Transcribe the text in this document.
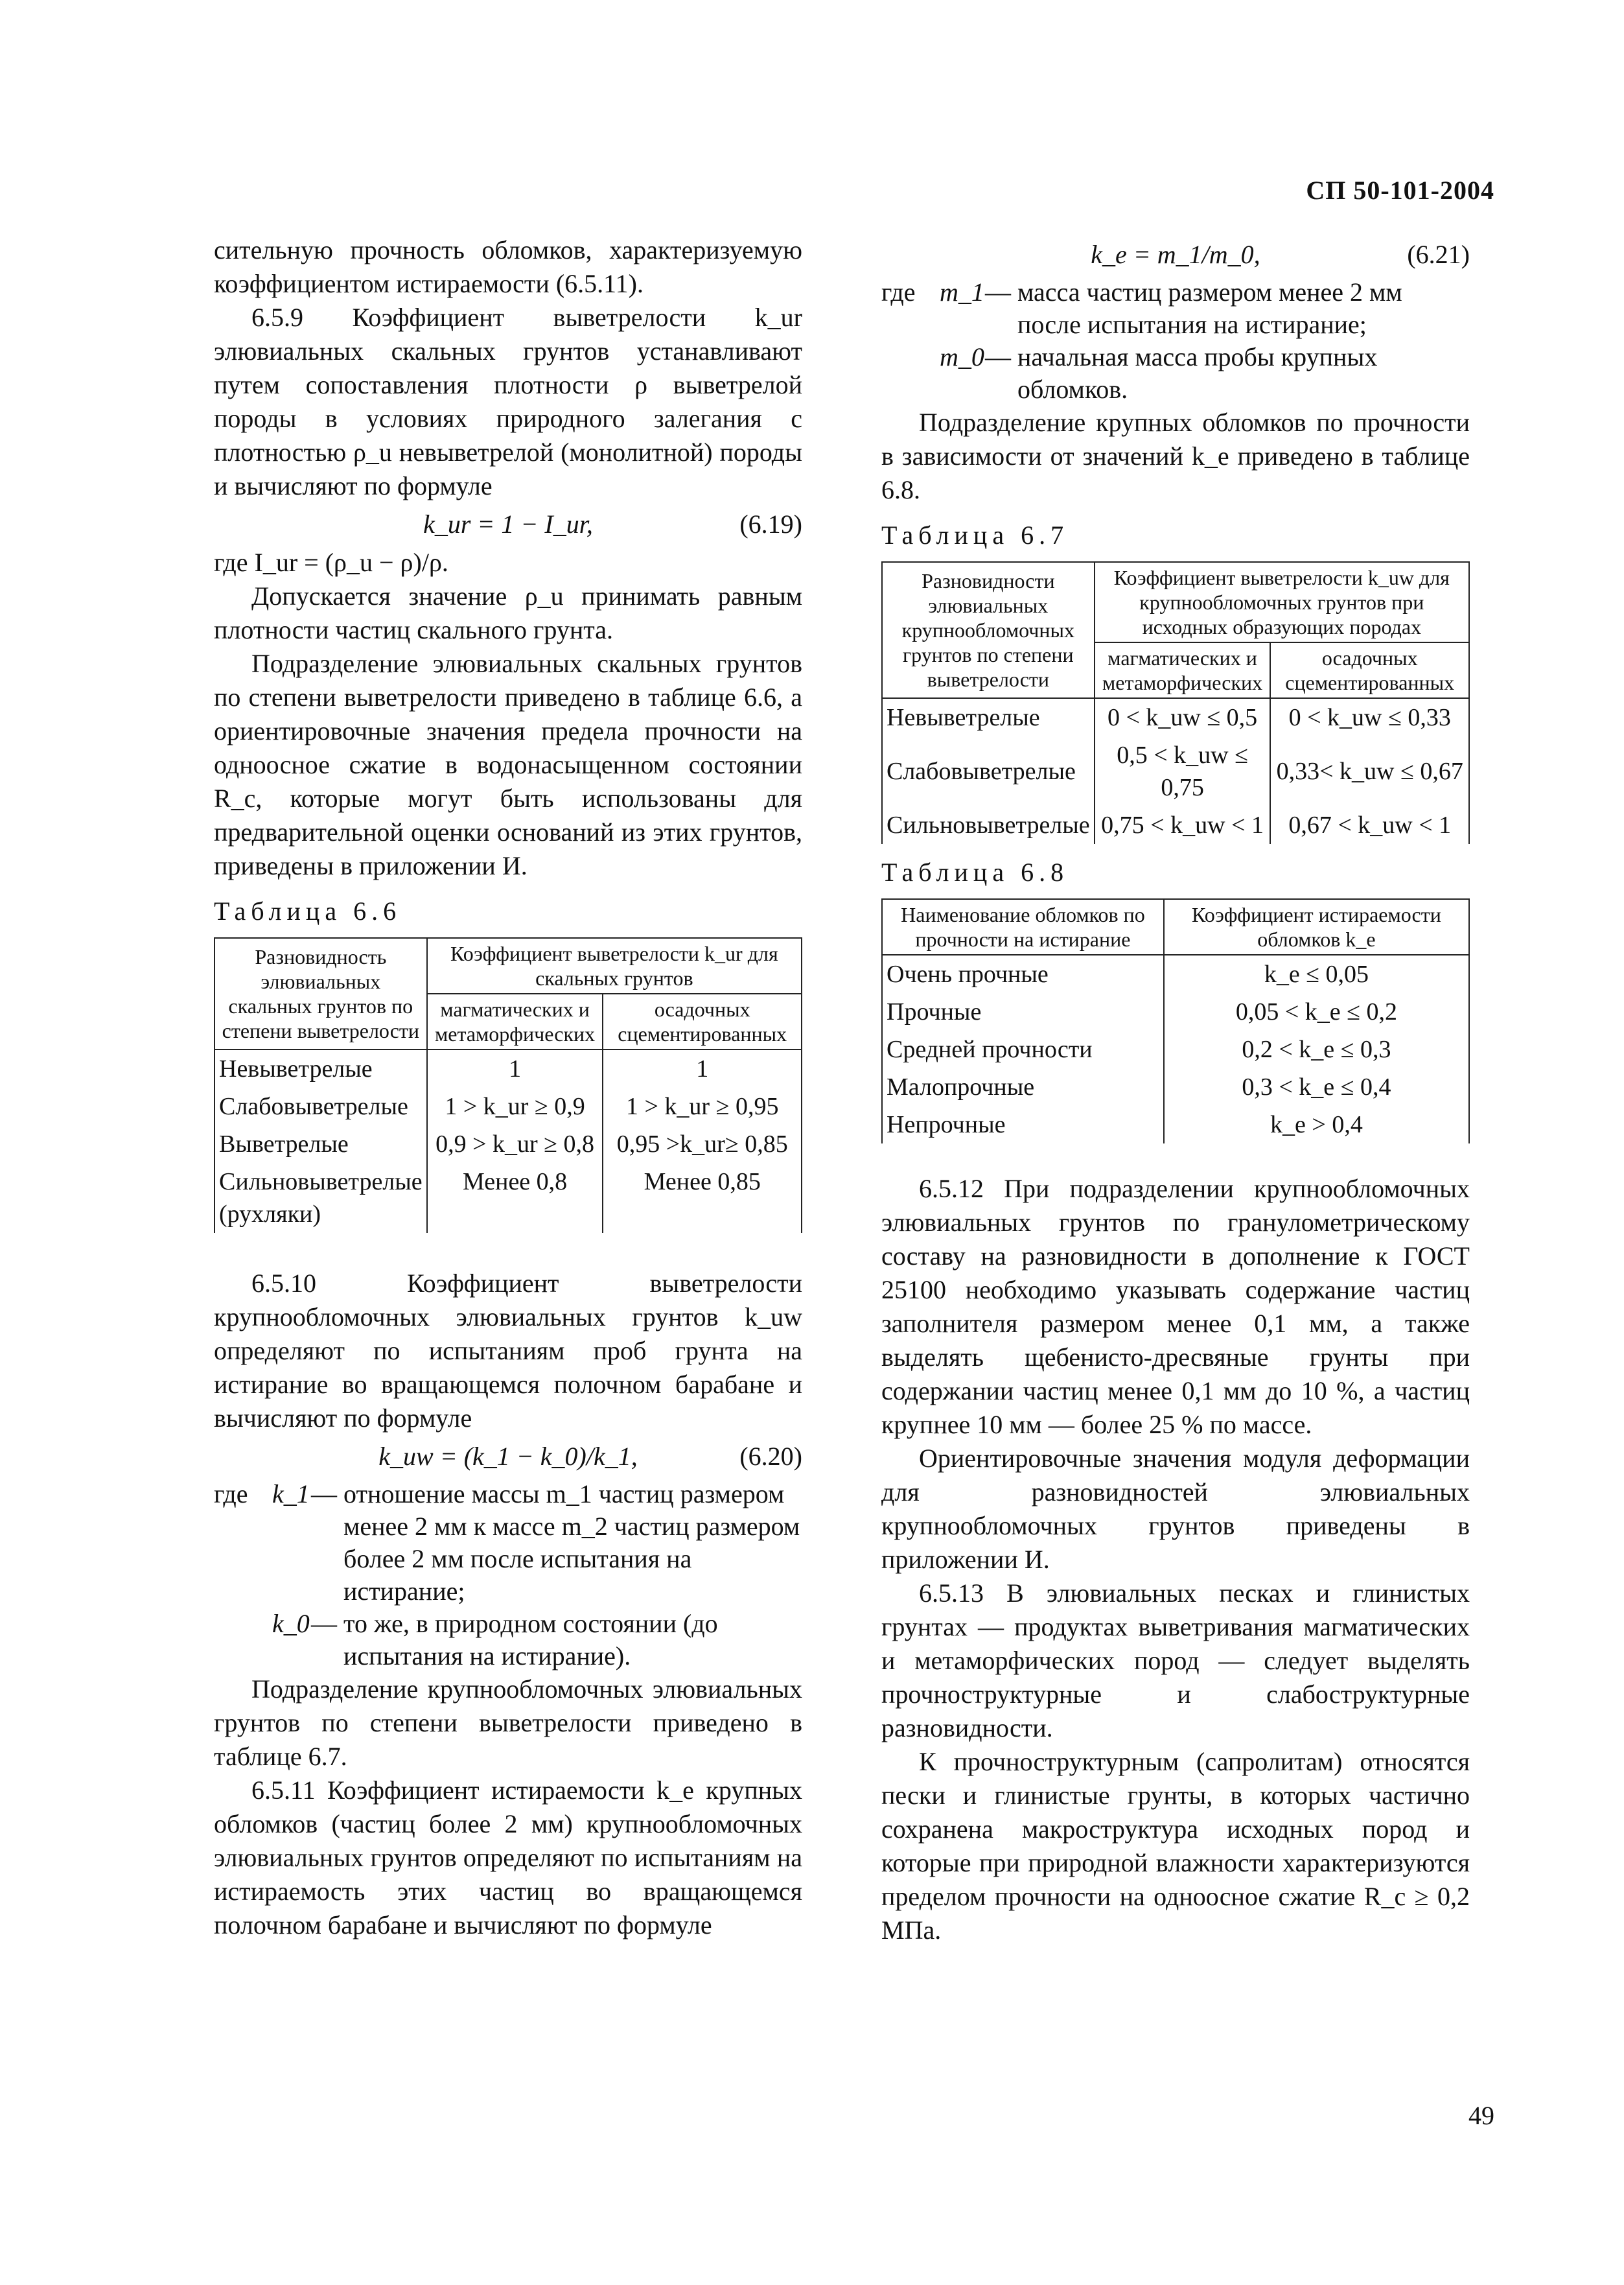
СП 50-101-2004

сительную прочность обломков, характеризуемую коэффициентом истираемости (6.5.11).

6.5.9 Коэффициент выветрелости k_ur элювиальных скальных грунтов устанавливают путем сопоставления плотности ρ выветрелой породы в условиях природного залегания с плотностью ρ_u невыветрелой (монолитной) породы и вычисляют по формуле

k_ur = 1 − I_ur,	(6.19)

где I_ur = (ρ_u − ρ)/ρ.

Допускается значение ρ_u принимать равным плотности частиц скального грунта.

Подразделение элювиальных скальных грунтов по степени выветрелости приведено в таблице 6.6, а ориентировочные значения предела прочности на одноосное сжатие в водонасыщенном состоянии R_c, которые могут быть использованы для предварительной оценки оснований из этих грунтов, приведены в приложении И.

Таблица 6.6
Разновидность элювиальных скальных грунтов по степени выветрелости	Коэффициент выветрелости k_ur для скальных грунтов	
	магматических и метаморфических	осадочных сцементированных
Невыветрелые	1	1
Слабовыветрелые	1 > k_ur ≥ 0,9	1 > k_ur ≥ 0,95
Выветрелые	0,9 > k_ur ≥ 0,8	0,95 >k_ur≥ 0,85
Сильновыветрелые (рухляки)	Менее 0,8	Менее 0,85

6.5.10 Коэффициент выветрелости крупнообломочных элювиальных грунтов k_uw определяют по испытаниям проб грунта на истирание во вращающемся полочном барабане и вычисляют по формуле

k_uw = (k_1 − k_0)/k_1,	(6.20)
где	k_1	—	отношение массы m_1 частиц размером менее 2 мм к массе m_2 частиц размером более 2 мм после испытания на истирание;
	k_0	—	то же, в природном состоянии (до испытания на истирание).

Подразделение крупнообломочных элювиальных грунтов по степени выветрелости приведено в таблице 6.7.

6.5.11 Коэффициент истираемости k_e крупных обломков (частиц более 2 мм) крупнообломочных элювиальных грунтов определяют по испытаниям на истираемость этих частиц во вращающемся полочном барабане и вычисляют по формуле

k_e = m_1/m_0,	(6.21)
где	m_1	—	масса частиц размером менее 2 мм после испытания на истирание;
	m_0	—	начальная масса пробы крупных обломков.

Подразделение крупных обломков по прочности в зависимости от значений k_e приведено в таблице 6.8.

Таблица 6.7
Разновидности элювиальных крупнообломочных грунтов по степени выветрелости	Коэффициент выветрелости k_uw для крупнообломочных грунтов при исходных образующих породах	
	магматических и метаморфических	осадочных сцементированных
Невыветрелые	0 < k_uw ≤ 0,5	0 < k_uw ≤ 0,33
Слабовыветрелые	0,5 < k_uw ≤ 0,75	0,33< k_uw ≤ 0,67
Сильновыветрелые	0,75 < k_uw < 1	0,67 < k_uw < 1
Таблица 6.8
Наименование обломков по прочности на истирание	Коэффициент истираемости обломков k_e
Очень прочные	k_e ≤ 0,05
Прочные	0,05 < k_e ≤ 0,2
Средней прочности	0,2 < k_e ≤ 0,3
Малопрочные	0,3 < k_e ≤ 0,4
Непрочные	k_e > 0,4

6.5.12 При подразделении крупнообломочных элювиальных грунтов по гранулометрическому составу на разновидности в дополнение к ГОСТ 25100 необходимо указывать содержание частиц заполнителя размером менее 0,1 мм, а также выделять щебенисто-дресвяные грунты при содержании частиц менее 0,1 мм до 10 %, а частиц крупнее 10 мм — более 25 % по массе.

Ориентировочные значения модуля деформации для разновидностей элювиальных крупнообломочных грунтов приведены в приложении И.

6.5.13 В элювиальных песках и глинистых грунтах — продуктах выветривания магматических и метаморфических пород — следует выделять прочноструктурные и слабоструктурные разновидности.

К прочноструктурным (сапролитам) относятся пески и глинистые грунты, в которых частично сохранена макроструктура исходных пород и которые при природной влажности характеризуются пределом прочности на одноосное сжатие R_c ≥ 0,2 МПа.

49
